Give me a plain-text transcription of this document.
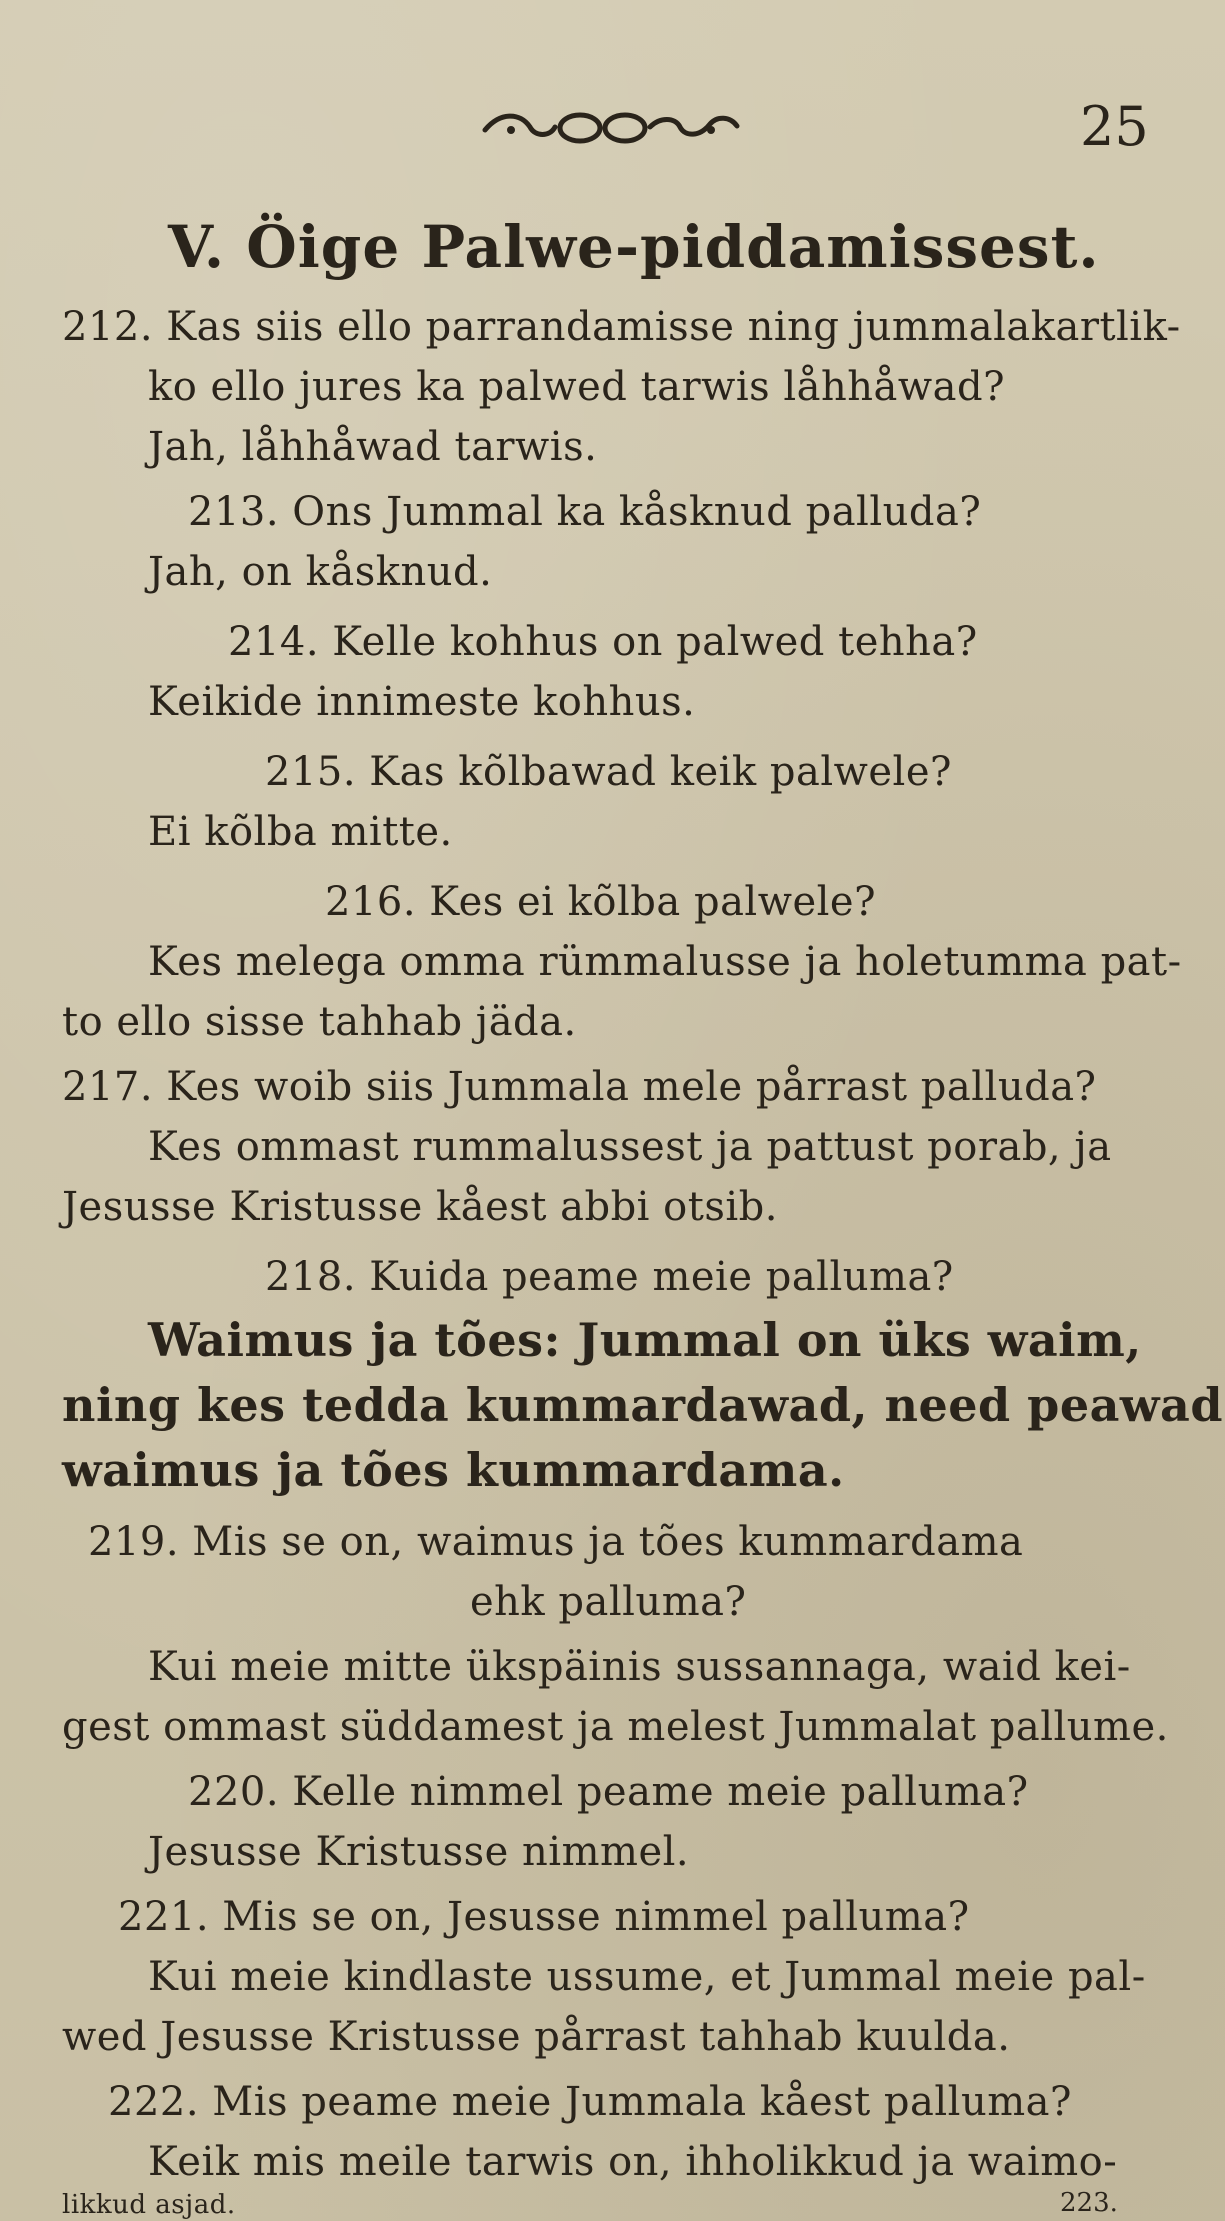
25
V. Öige Palwe-piddamissest.
212. Kas siis ello parrandamisse ning jummalakartlik-
ko ello jures ka palwed tarwis låhhåwad?
Jah, låhhåwad tarwis.
213. Ons Jummal ka kåsknud palluda?
Jah, on kåsknud.
214. Kelle kohhus on palwed tehha?
Keikide innimeste kohhus.
215. Kas kõlbawad keik palwele?
Ei kõlba mitte.
216. Kes ei kõlba palwele?
Kes melega omma rümmalusse ja holetumma pat-
to ello sisse tahhab jäda.
217. Kes woib siis Jummala mele pårrast palluda?
Kes ommast rummalussest ja pattust porab, ja
Jesusse Kristusse kåest abbi otsib.
218. Kuida peame meie palluma?
Waimus ja tões: Jummal on üks waim,
ning kes tedda kummardawad, need peawad
waimus ja tões kummardama.
219. Mis se on, waimus ja tões kummardama
ehk palluma?
Kui meie mitte ükspäinis sussannaga, waid kei-
gest ommast süddamest ja melest Jummalat pallume.
220. Kelle nimmel peame meie palluma?
Jesusse Kristusse nimmel.
221. Mis se on, Jesusse nimmel palluma?
Kui meie kindlaste ussume, et Jummal meie pal-
wed Jesusse Kristusse pårrast tahhab kuulda.
222. Mis peame meie Jummala kåest palluma?
Keik mis meile tarwis on, ihholikkud ja waimo-
likkud asjad.	223.
